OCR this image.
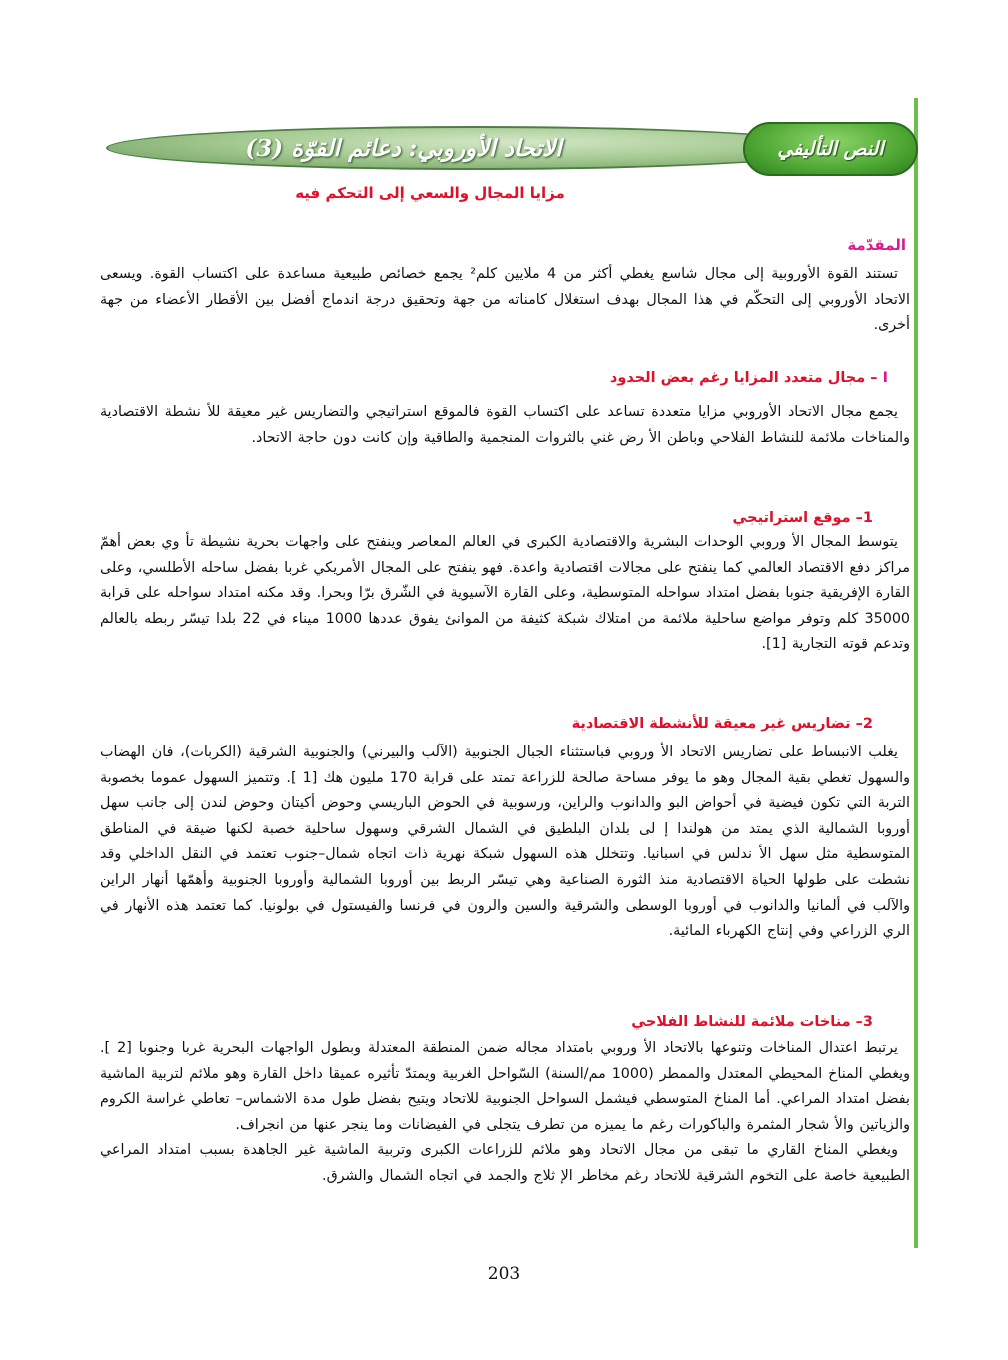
الاتحاد الأوروبي: دعائم القوّة (3)	النص التأليفي
مزايا المجال والسعي إلى التحكم فيه
المقدّمة

تستند القوة الأوروبية إلى مجال شاسع يغطي أكثر من 4 ملايين كلم² يجمع خصائص طبيعية مساعدة على اكتساب القوة. ويسعى الاتحاد الأوروبي إلى التحكّم في هذا المجال بهدف استغلال كامناته من جهة وتحقيق درجة اندماج أفضل بين الأقطار الأعضاء من جهة أخرى.

I – مجال متعدد المزايا رغم بعض الحدود

يجمع مجال الاتحاد الأوروبي مزايا متعددة تساعد على اكتساب القوة فالموقع استراتيجي والتضاريس غير معيقة للأ نشطة الاقتصادية والمناخات ملائمة للنشاط الفلاحي وباطن الأ رض غني بالثروات المنجمية والطاقية وإن كانت دون حاجة الاتحاد.

1– موقع استراتيجي

يتوسط المجال الأ وروبي الوحدات البشرية والاقتصادية الكبرى في العالم المعاصر وينفتح على واجهات بحرية نشيطة تأ وي بعض أهمّ مراكز دفع الاقتصاد العالمي كما ينفتح على مجالات اقتصادية واعدة. فهو ينفتح على المجال الأمريكي غربا بفضل ساحله الأطلسي، وعلى القارة الإفريقية جنوبا بفضل امتداد سواحله المتوسطية، وعلى القارة الآسيوية في الشّرق برّا وبحرا. وقد مكنه امتداد سواحله على قرابة 35000 كلم وتوفر مواضع ساحلية ملائمة من امتلاك شبكة كثيفة من الموانئ يفوق عددها 1000 ميناء في 22 بلدا تيسّر ربطه بالعالم وتدعم قوته التجارية [1].

2– تضاريس غير معيقة للأنشطة الاقتصادية

يغلب الانبساط على تضاريس الاتحاد الأ وروبي فباستثناء الجبال الجنوبية (الآلب والبيرني) والجنوبية الشرقية (الكربات)، فان الهضاب والسهول تغطي بقية المجال وهو ما يوفر مساحة صالحة للزراعة تمتد على قرابة 170 مليون هك [1 ]. وتتميز السهول عموما بخصوبة التربة التي تكون فيضية في أحواض البو والدانوب والراين، ورسوبية في الحوض الباريسي وحوض أكيتان وحوض لندن إلى جانب سهل أوروبا الشمالية الذي يمتد من هولندا إ لى بلدان البلطيق في الشمال الشرقي وسهول ساحلية خصبة لكنها ضيقة في المناطق المتوسطية مثل سهل الأ ندلس في اسبانيا. وتتخلل هذه السهول شبكة نهرية ذات اتجاه شمال–جنوب تعتمد في النقل الداخلي وقد نشطت على طولها الحياة الاقتصادية منذ الثورة الصناعية وهي تيسّر الربط بين أوروبا الشمالية وأوروبا الجنوبية وأهمّها أنهار الراين والآلب في ألمانيا والدانوب في أوروبا الوسطى والشرقية والسين والرون في فرنسا والفيستول في بولونيا. كما تعتمد هذه الأنهار في الري الزراعي وفي إنتاج الكهرباء المائية.

3– مناخات ملائمة للنشاط الفلاحي

يرتبط اعتدال المناخات وتنوعها بالاتحاد الأ وروبي بامتداد مجاله ضمن المنطقة المعتدلة وبطول الواجهات البحرية غربا وجنوبا [2 ]. ويغطي المناخ المحيطي المعتدل والممطر (1000 مم/السنة) السّواحل الغربية ويمتدّ تأثيره عميقا داخل القارة وهو ملائم لتربية الماشية بفضل امتداد المراعي. أما المناخ المتوسطي فيشمل السواحل الجنوبية للاتحاد ويتيح بفضل طول مدة الاشماس– تعاطي غراسة الكروم والزياتين والأ شجار المثمرة والباكورات رغم ما يميزه من تطرف يتجلى في الفيضانات وما ينجر عنها من انجراف.

ويغطي المناخ القاري ما تبقى من مجال الاتحاد وهو ملائم للزراعات الكبرى وتربية الماشية غير الجاهدة بسبب امتداد المراعي الطبيعية خاصة على التخوم الشرقية للاتحاد رغم مخاطر الإ ثلاج والجمد في اتجاه الشمال والشرق.

203
